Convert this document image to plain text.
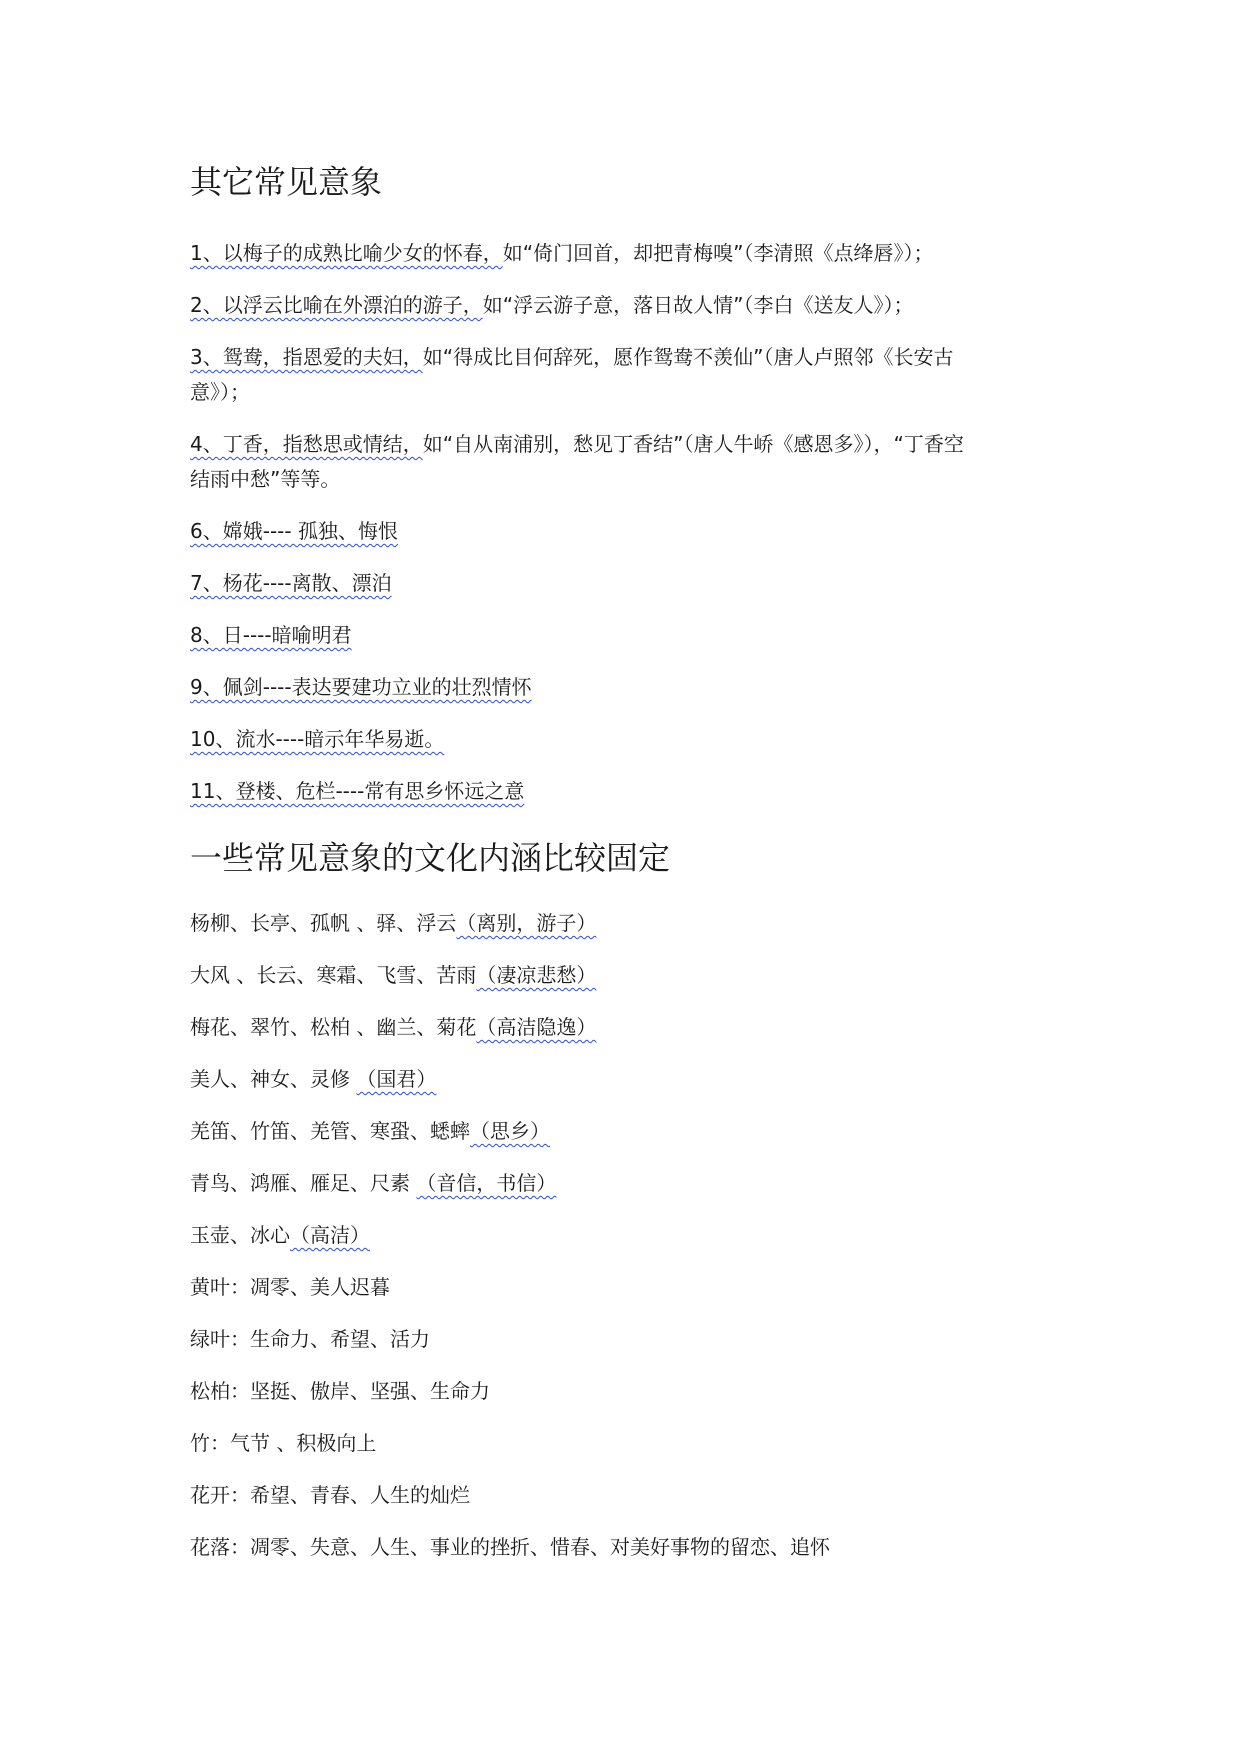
其它常见意象

1、以梅子的成熟比喻少女的怀春，如“倚门回首，却把青梅嗅”（李清照《点绛唇》）；

2、以浮云比喻在外漂泊的游子，如“浮云游子意，落日故人情”（李白《送友人》）；

3、鸳鸯，指恩爱的夫妇，如“得成比目何辞死，愿作鸳鸯不羡仙”（唐人卢照邻《长安古

意》）；

4、丁香，指愁思或情结，如“自从南浦别，愁见丁香结”（唐人牛峤《感恩多》），“丁香空

结雨中愁”等等。

6、嫦娥---- 孤独、悔恨

7、杨花----离散、漂泊

8、日----暗喻明君

9、佩剑----表达要建功立业的壮烈情怀

10、流水----暗示年华易逝。

11、登楼、危栏----常有思乡怀远之意

一些常见意象的文化内涵比较固定

杨柳、长亭、孤帆 、驿、浮云（离别，游子）

大风 、长云、寒霜、飞雪、苦雨（凄凉悲愁）

梅花、翠竹、松柏 、幽兰、菊花（高洁隐逸）

美人、神女、灵修 （国君）

羌笛、竹笛、羌管、寒蛩、蟋蟀（思乡）

青鸟、鸿雁、雁足、尺素 （音信，书信）

玉壶、冰心（高洁）

黄叶：凋零、美人迟暮

绿叶：生命力、希望、活力

松柏：坚挺、傲岸、坚强、生命力

竹：气节 、积极向上

花开：希望、青春、人生的灿烂

花落：凋零、失意、人生、事业的挫折、惜春、对美好事物的留恋、追怀
